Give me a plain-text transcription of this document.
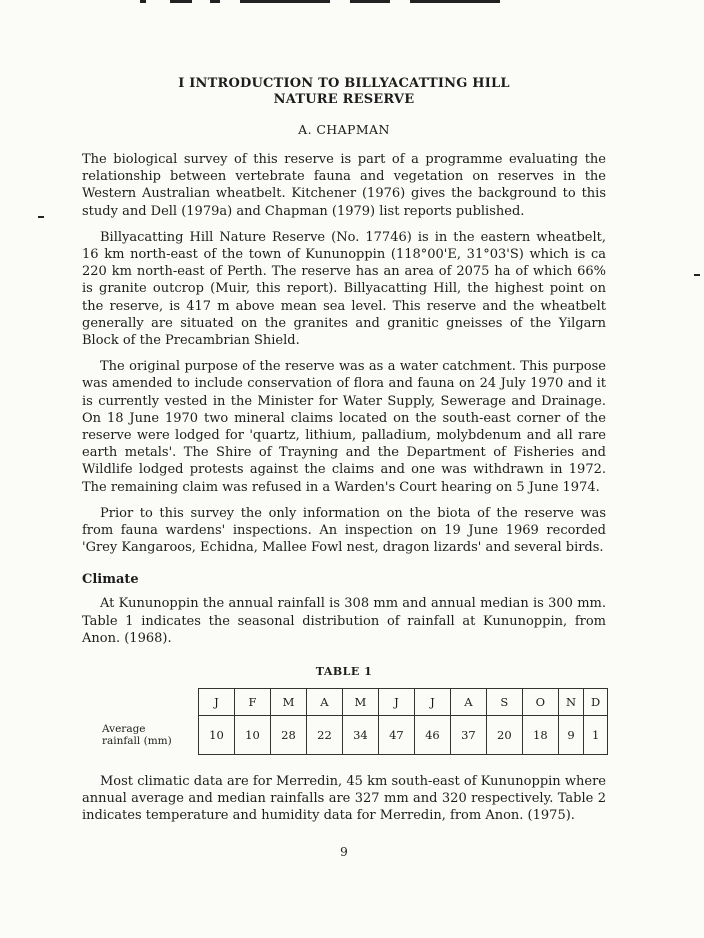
I INTRODUCTION TO BILLYACATTING HILL
NATURE RESERVE
A. CHAPMAN

The biological survey of this reserve is part of a programme evaluating the relationship between vertebrate fauna and vegetation on reserves in the Western Australian wheatbelt. Kitchener (1976) gives the background to this study and Dell (1979a) and Chapman (1979) list reports published.

Billyacatting Hill Nature Reserve (No. 17746) is in the eastern wheatbelt, 16 km north-east of the town of Kununoppin (118°00'E, 31°03'S) which is ca 220 km north-east of Perth. The reserve has an area of 2075 ha of which 66% is granite outcrop (Muir, this report). Billyacatting Hill, the highest point on the reserve, is 417 m above mean sea level. This reserve and the wheatbelt generally are situated on the granites and granitic gneisses of the Yilgarn Block of the Precambrian Shield.

The original purpose of the reserve was as a water catchment. This purpose was amended to include conservation of flora and fauna on 24 July 1970 and it is currently vested in the Minister for Water Supply, Sewerage and Drainage. On 18 June 1970 two mineral claims located on the south-east corner of the reserve were lodged for 'quartz, lithium, palladium, molybdenum and all rare earth metals'. The Shire of Trayning and the Department of Fisheries and Wildlife lodged protests against the claims and one was withdrawn in 1972. The remaining claim was refused in a Warden's Court hearing on 5 June 1974.

Prior to this survey the only information on the biota of the reserve was from fauna wardens' inspections. An inspection on 19 June 1969 recorded 'Grey Kangaroos, Echidna, Mallee Fowl nest, dragon lizards' and several birds.

Climate

At Kununoppin the annual rainfall is 308 mm and annual median is 300 mm. Table 1 indicates the seasonal distribution of rainfall at Kununoppin, from Anon. (1968).

TABLE 1
	J	F	M	A	M	J	J	A	S	O	N	D
Average
rainfall (mm)	10	10	28	22	34	47	46	37	20	18	9	1

Most climatic data are for Merredin, 45 km south-east of Kununoppin where annual average and median rainfalls are 327 mm and 320 respectively. Table 2 indicates temperature and humidity data for Merredin, from Anon. (1975).

9
